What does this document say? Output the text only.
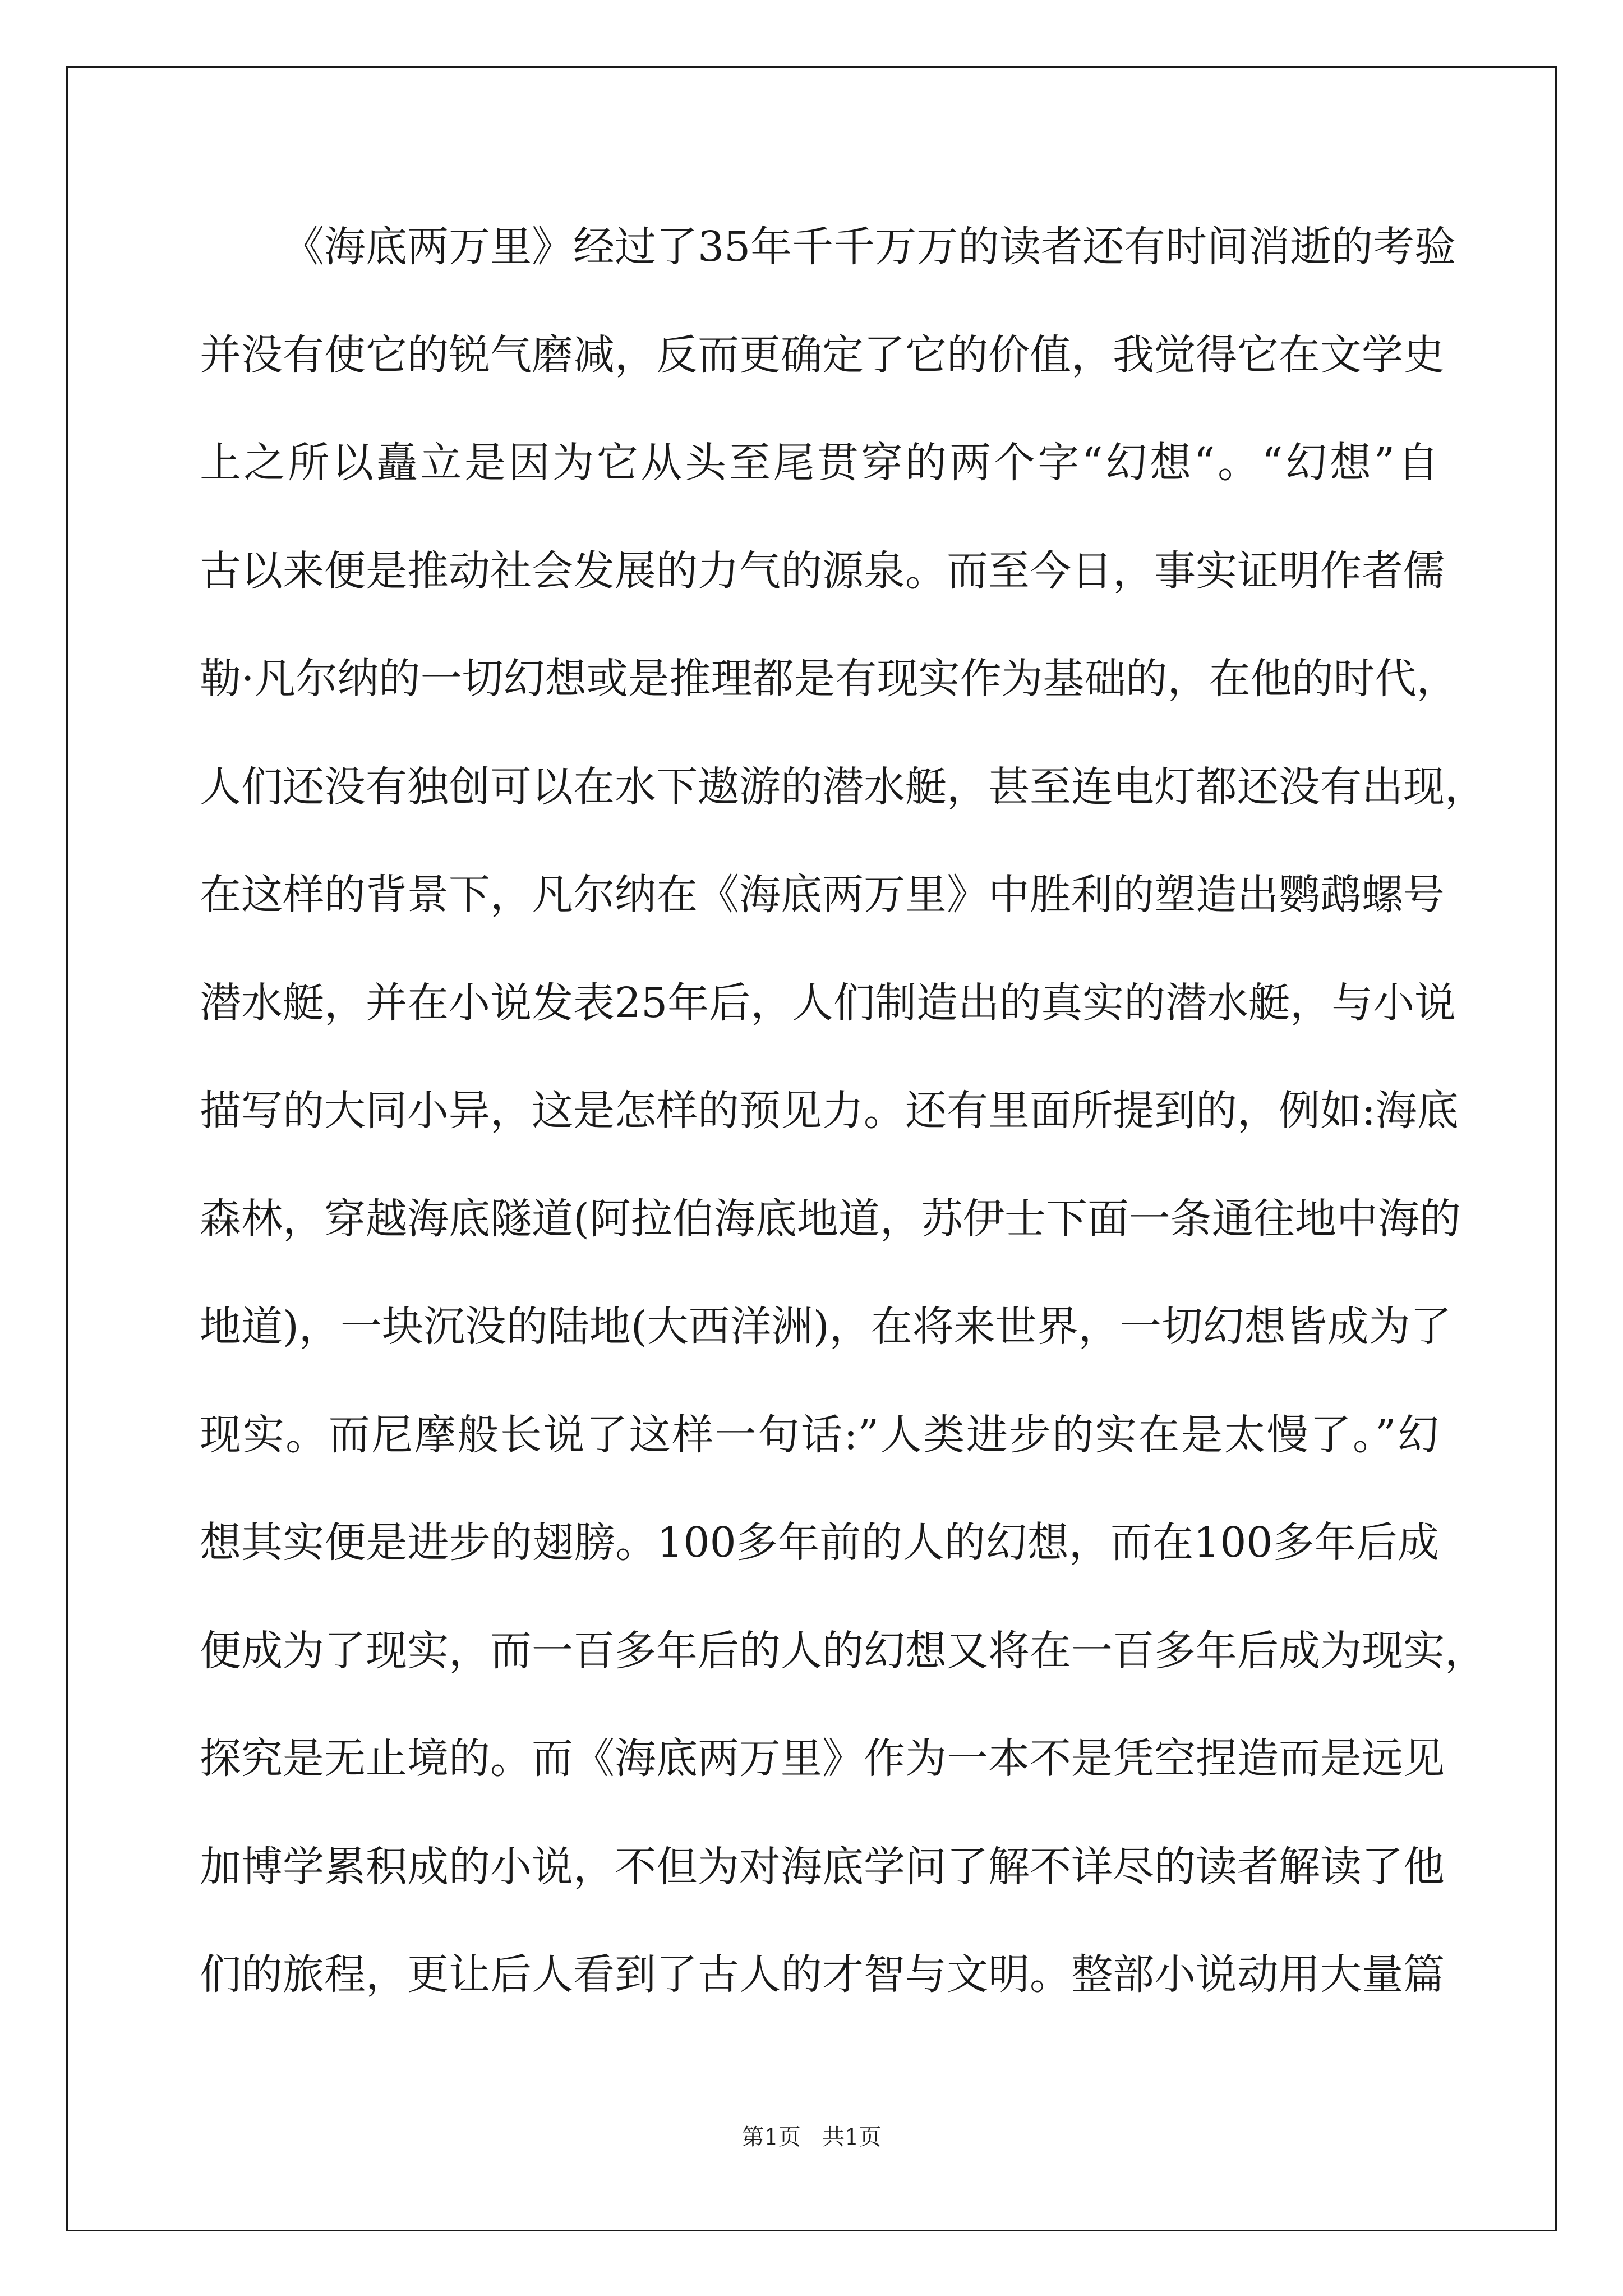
《海底两万里》经过了35年千千万万的读者还有时间消逝的考验
并没有使它的锐气磨减，反而更确定了它的价值，我觉得它在文学史
上之所以矗立是因为它从头至尾贯穿的两个字“幻想“。“幻想”自
古以来便是推动社会发展的力气的源泉。而至今日，事实证明作者儒
勒·凡尔纳的一切幻想或是推理都是有现实作为基础的，在他的时代，
人们还没有独创可以在水下遨游的潜水艇，甚至连电灯都还没有出现，
在这样的背景下，凡尔纳在《海底两万里》中胜利的塑造出鹦鹉螺号
潜水艇，并在小说发表25年后，人们制造出的真实的潜水艇，与小说
描写的大同小异，这是怎样的预见力。还有里面所提到的，例如:海底
森林，穿越海底隧道(阿拉伯海底地道，苏伊士下面一条通往地中海的
地道)，一块沉没的陆地(大西洋洲)，在将来世界，一切幻想皆成为了
现实。而尼摩般长说了这样一句话:”人类进步的实在是太慢了。”幻
想其实便是进步的翅膀。100多年前的人的幻想，而在100多年后成
便成为了现实，而一百多年后的人的幻想又将在一百多年后成为现实，
探究是无止境的。而《海底两万里》作为一本不是凭空捏造而是远见
加博学累积成的小说，不但为对海底学问了解不详尽的读者解读了他
们的旅程，更让后人看到了古人的才智与文明。整部小说动用大量篇
第1页   共1页
